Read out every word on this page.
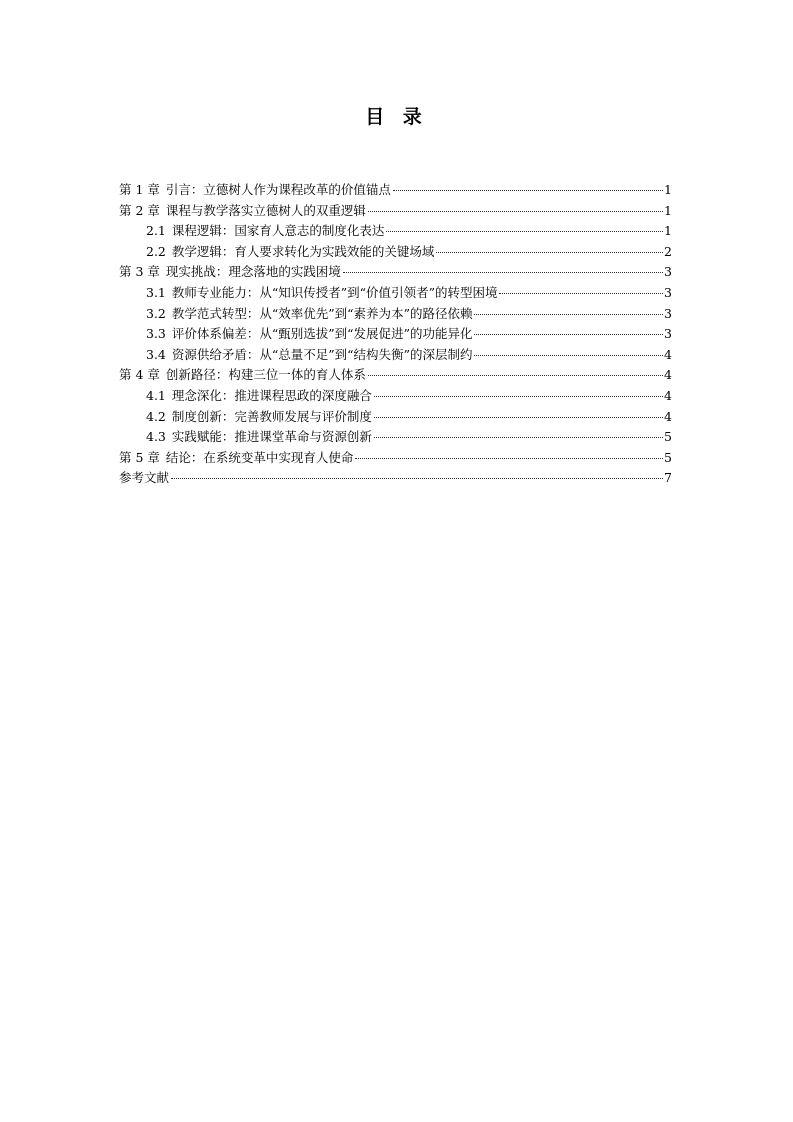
目 录
第 1 章 引言：立德树人作为课程改革的价值锚点	1
第 2 章 课程与教学落实立德树人的双重逻辑	1
2.1 课程逻辑：国家育人意志的制度化表达	1
2.2 教学逻辑：育人要求转化为实践效能的关键场域	2
第 3 章 现实挑战：理念落地的实践困境	3
3.1 教师专业能力：从“知识传授者”到“价值引领者”的转型困境	3
3.2 教学范式转型：从“效率优先”到“素养为本”的路径依赖	3
3.3 评价体系偏差：从“甄别选拔”到“发展促进”的功能异化	3
3.4 资源供给矛盾：从“总量不足”到“结构失衡”的深层制约	4
第 4 章 创新路径：构建三位一体的育人体系	4
4.1 理念深化：推进课程思政的深度融合	4
4.2 制度创新：完善教师发展与评价制度	4
4.3 实践赋能：推进课堂革命与资源创新	5
第 5 章 结论：在系统变革中实现育人使命	5
参考文献	7
